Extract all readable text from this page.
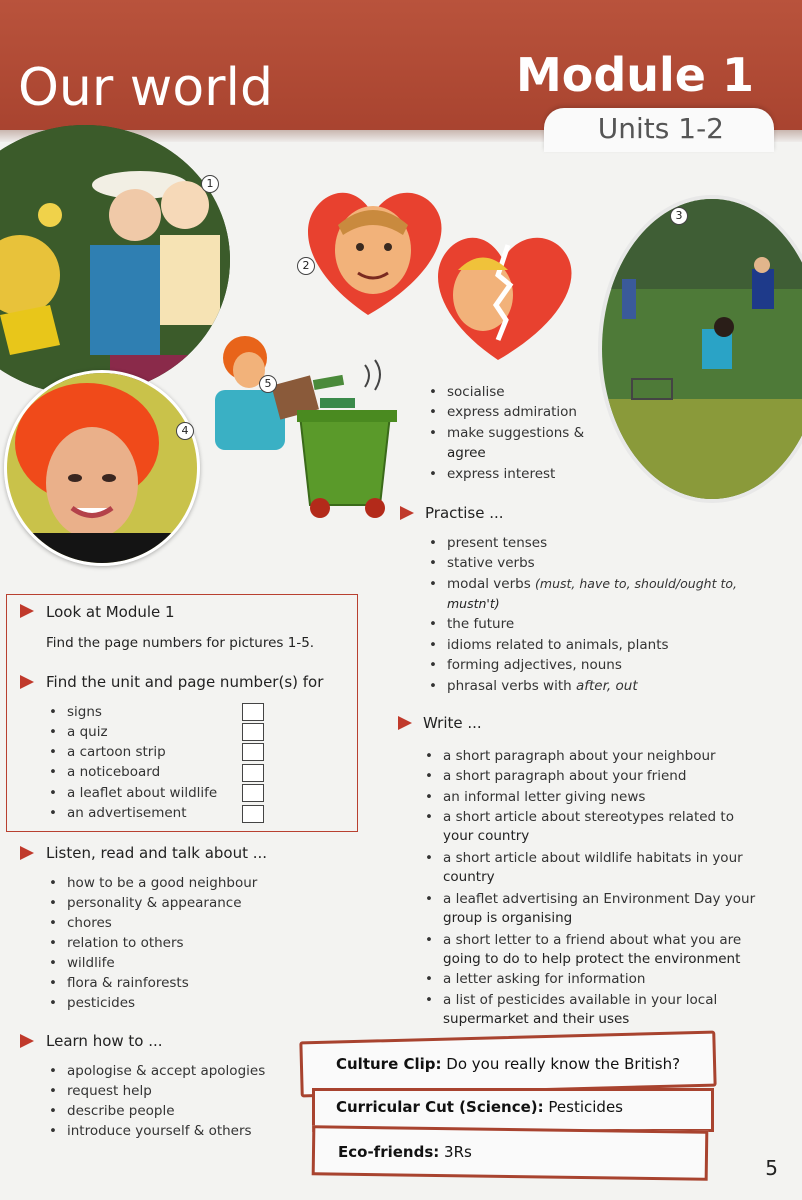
Our world	Module 1
Units 1-2
1
4
2
3
5
• socialise
• express admiration
• make suggestions &
agree
• express interest
Practise ...
• present tenses
• stative verbs
• modal verbs (must, have to, should/ought to,
mustn't)
• the future
• idioms related to animals, plants
• forming adjectives, nouns
• phrasal verbs with after, out
Write ...
• a short paragraph about your neighbour
• a short paragraph about your friend
• an informal letter giving news
• a short article about stereotypes related to
your country
• a short article about wildlife habitats in your
country
• a leaflet advertising an Environment Day your
group is organising
• a short letter to a friend about what you are
going to do to help protect the environment
• a letter asking for information
• a list of pesticides available in your local
supermarket and their uses
Look at Module 1
Find the page numbers for pictures 1-5.
Find the unit and page number(s) for
• signs
• a quiz
• a cartoon strip
• a noticeboard
• a leaflet about wildlife
• an advertisement
Listen, read and talk about ...
• how to be a good neighbour
• personality & appearance
• chores
• relation to others
• wildlife
• flora & rainforests
• pesticides
Learn how to ...
• apologise & accept apologies
• request help
• describe people
• introduce yourself & others
Culture Clip: Do you really know the British?
Curricular Cut (Science): Pesticides
Eco-friends: 3Rs
5
